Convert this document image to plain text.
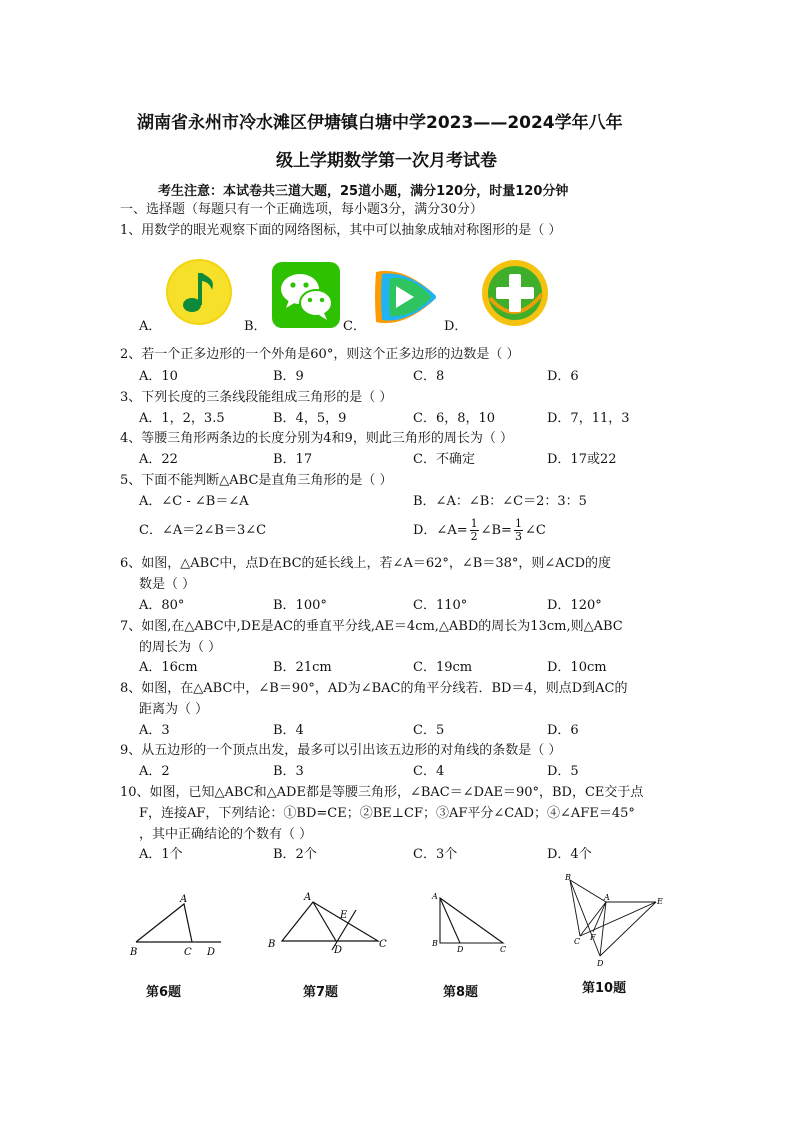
湖南省永州市冷水滩区伊塘镇白塘中学2023——2024学年八年
级上学期数学第一次月考试卷
考生注意：本试卷共三道大题，25道小题，满分120分，时量120分钟
一、选择题（每题只有一个正确选项，每小题3分，满分30分）
1、用数学的眼光观察下面的网络图标，其中可以抽象成轴对称图形的是（ ）
A．	B．	C．	D．
2、若一个正多边形的一个外角是60°，则这个正多边形的边数是（ ）
A．10	B．9	C．8	D．6
3、下列长度的三条线段能组成三角形的是（ ）
A．1，2，3.5	B．4，5，9	C．6，8，10	D．7，11，3
4、等腰三角形两条边的长度分别为4和9，则此三角形的周长为（ ）
A．22	B．17	C．不确定	D．17或22
5、下面不能判断△ABC是直角三角形的是（ ）
A．∠C - ∠B＝∠A	B．∠A：∠B：∠C＝2：3：5
C．∠A＝2∠B＝3∠C	D．∠A= $\frac{1}{2}$ ∠B= $\frac{1}{3}$ ∠C
6、如图，△ABC中，点D在BC的延长线上，若∠A＝62°，∠B＝38°，则∠ACD的度
数是（ ）
A．80°	B．100°	C．110°	D．120°
7、如图,在△ABC中,DE是AC的垂直平分线,AE＝4cm,△ABD的周长为13cm,则△ABC
的周长为（ ）
A．16cm	B．21cm	C．19cm	D．10cm
8、如图，在△ABC中，∠B＝90°，AD为∠BAC的角平分线若．BD＝4，则点D到AC的
距离为（ ）
A．3	B．4	C．5	D．6
9、从五边形的一个顶点出发，最多可以引出该五边形的对角线的条数是（ ）
A．2	B．3	C．4	D．5
10、如图，已知△ABC和△ADE都是等腰三角形，∠BAC＝∠DAE＝90°，BD，CE交于点
F，连接AF，下列结论：①BD=CE；②BE⊥CF；③AF平分∠CAD；④∠AFE＝45°
，其中正确结论的个数有（ ）
A．1个	B．2个	C．3个	D．4个
A
B	C D
第6题
A
B	C
D
E
第7题
A
B
D	C
第8题
B
A	E
C F
D
第10题
